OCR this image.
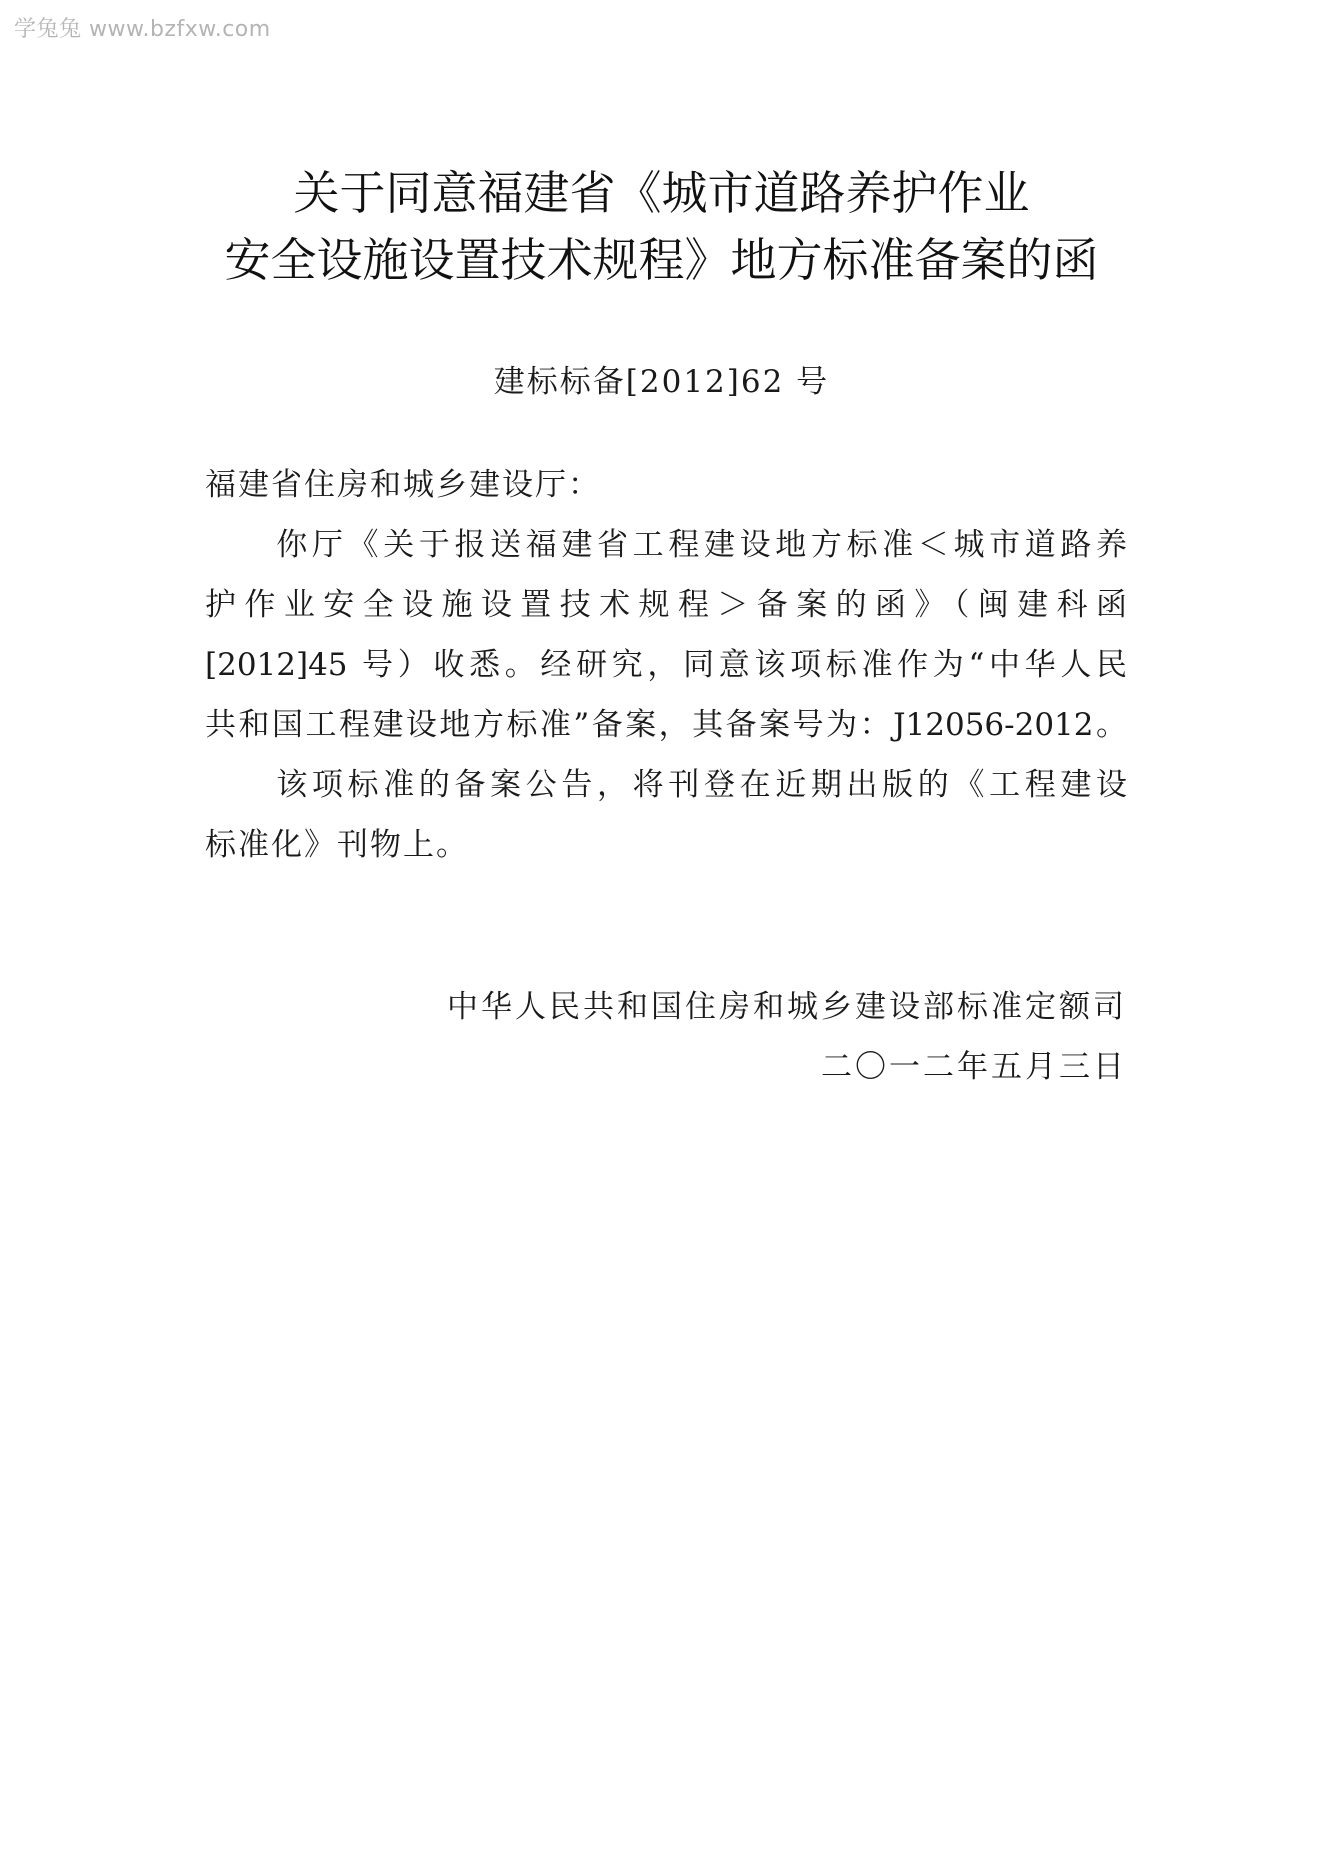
学兔兔 www.bzfxw.com
关于同意福建省《城市道路养护作业
安全设施设置技术规程》地方标准备案的函
建标标备[2012]62 号
福建省住房和城乡建设厅：
　　你厅《关于报送福建省工程建设地方标准＜城市道路养
护作业安全设施设置技术规程＞备案的函》（闽建科函
[2012]45 号）收悉。经研究，同意该项标准作为“中华人民
共和国工程建设地方标准”备案，其备案号为：J12056-2012。
　　该项标准的备案公告，将刊登在近期出版的《工程建设
标准化》刊物上。
中华人民共和国住房和城乡建设部标准定额司
二〇一二年五月三日
